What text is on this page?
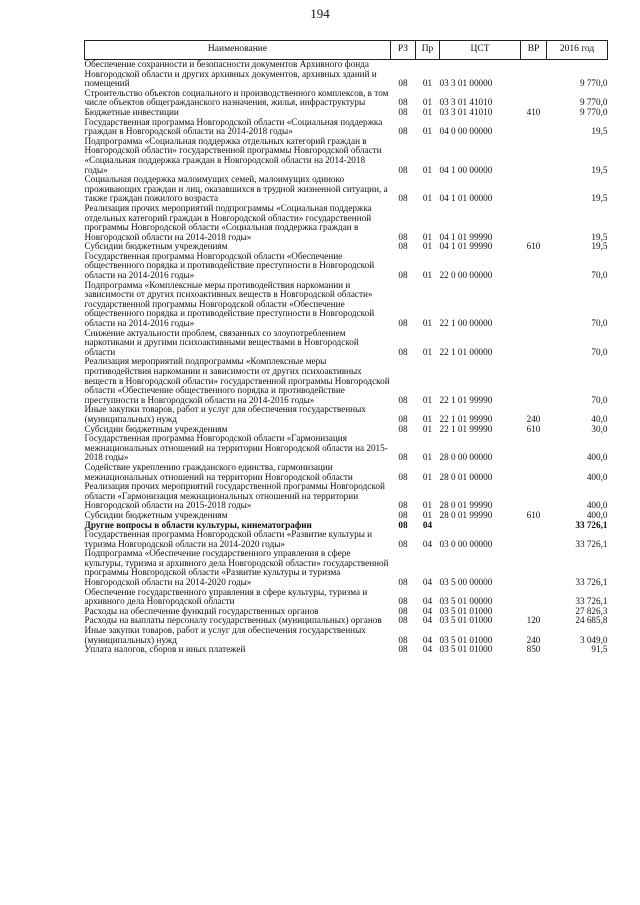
194
Наименование	РЗ	Пр	ЦСТ	ВР	2016 год
Обеспечение сохранности и безопасности документов Архивного фонда Новгородской области и других архивных документов, архивных зданий и помещений	08	01	03 3 01 00000		9 770,0
Строительство объектов социального и производственного комплексов, в том числе объектов общегражданского назначения, жилья, инфраструктуры	08	01	03 3 01 41010		9 770,0
Бюджетные инвестиции	08	01	03 3 01 41010	410	9 770,0
Государственная программа Новгородской области «Социальная поддержка граждан в Новгородской области на 2014-2018 годы»	08	01	04 0 00 00000		19,5
Подпрограмма «Социальная поддержка отдельных категорий граждан в Новгородской области» государственной программы Новгородской области «Социальная поддержка граждан в Новгородской области на 2014-2018 годы»	08	01	04 1 00 00000		19,5
Социальная поддержка малоимущих семей, малоимущих одиноко проживающих граждан и лиц, оказавшихся в трудной жизненной ситуации, а также граждан пожилого возраста	08	01	04 1 01 00000		19,5
Реализация прочих мероприятий подпрограммы «Социальная поддержка отдельных категорий граждан в Новгородской области» государственной программы Новгородской области «Социальная поддержка граждан в Новгородской области на 2014-2018 годы»	08	01	04 1 01 99990		19,5
Субсидии бюджетным учреждениям	08	01	04 1 01 99990	610	19,5
Государственная программа Новгородской области «Обеспечение общественного порядка и противодействие преступности в Новгородской области на 2014-2016 годы»	08	01	22 0 00 00000		70,0
Подпрограмма «Комплексные меры противодействия наркомании и зависимости от других психоактивных веществ в Новгородской области» государственной программы Новгородской области «Обеспечение общественного порядка и противодействие преступности в Новгородской области на 2014-2016 годы»	08	01	22 1 00 00000		70,0
Снижение актуальности проблем, связанных со злоупотреблением наркотиками и другими психоактивными веществами в Новгородской области	08	01	22 1 01 00000		70,0
Реализация мероприятий подпрограммы «Комплексные меры противодействия наркомании и зависимости от других психоактивных веществ в Новгородской области» государственной программы Новгородской области «Обеспечение общественного порядка и противодействие преступности в Новгородской области на 2014-2016 годы»	08	01	22 1 01 99990		70,0
Иные закупки товаров, работ и услуг для обеспечения государственных (муниципальных) нужд	08	01	22 1 01 99990	240	40,0
Субсидии бюджетным учреждениям	08	01	22 1 01 99990	610	30,0
Государственная программа Новгородской области «Гармонизация межнациональных отношений на территории Новгородской области на 2015-2018 годы»	08	01	28 0 00 00000		400,0
Содействие укреплению гражданского единства, гармонизации межнациональных отношений на территории Новгородской области	08	01	28 0 01 00000		400,0
Реализация прочих мероприятий государственной программы Новгородской области «Гармонизация межнациональных отношений на территории Новгородской области на 2015-2018 годы»	08	01	28 0 01 99990		400,0
Субсидии бюджетным учреждениям	08	01	28 0 01 99990	610	400,0
Другие вопросы в области культуры, кинематографии	08	04			33 726,1
Государственная программа Новгородской области «Развитие культуры и туризма Новгородской области на 2014-2020 годы»	08	04	03 0 00 00000		33 726,1
Подпрограмма «Обеспечение государственного управления в сфере культуры, туризма и архивного дела Новгородской области» государственной программы Новгородской области «Развитие культуры и туризма Новгородской области на 2014-2020 годы»	08	04	03 5 00 00000		33 726,1
Обеспечение государственного управления в сфере культуры, туризма и архивного дела Новгородской области	08	04	03 5 01 00000		33 726,1
Расходы на обеспечение функций государственных органов	08	04	03 5 01 01000		27 826,3
Расходы на выплаты персоналу государственных (муниципальных) органов	08	04	03 5 01 01000	120	24 685,8
Иные закупки товаров, работ и услуг для обеспечения государственных (муниципальных) нужд	08	04	03 5 01 01000	240	3 049,0
Уплата налогов, сборов и иных платежей	08	04	03 5 01 01000	850	91,5
